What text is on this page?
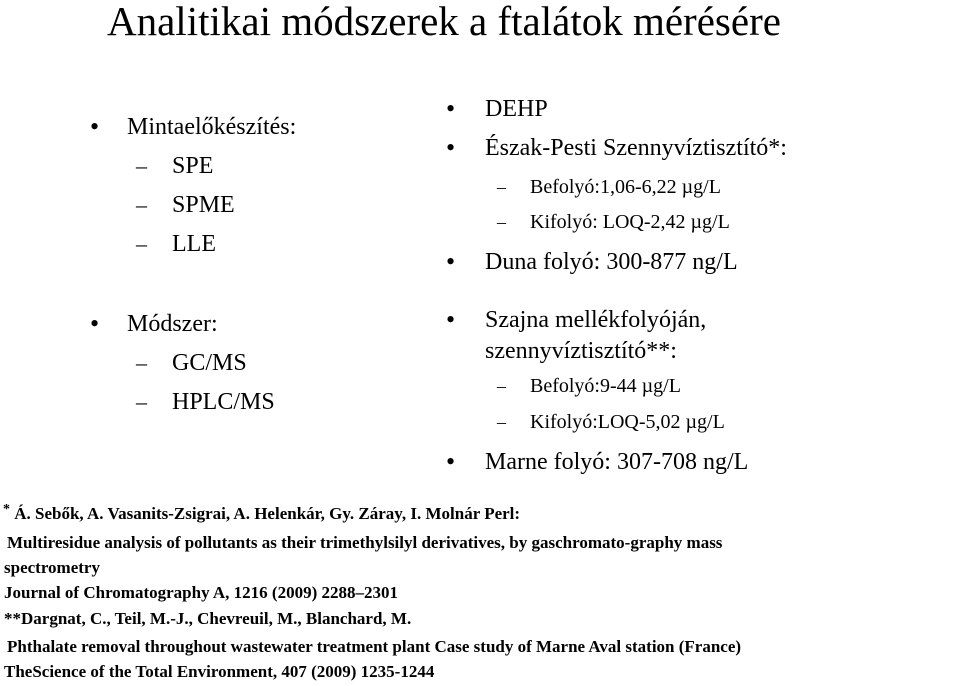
Analitikai módszerek a ftalátok mérésére
• Mintaelőkészítés:
– SPE
– SPME
– LLE
• Módszer:
– GC/MS
– HPLC/MS
• DEHP
• Észak-Pesti Szennyvíztisztító*:
– Befolyó:1,06-6,22 µg/L
– Kifolyó: LOQ-2,42 µg/L
• Duna folyó: 300-877 ng/L
• Szajna mellékfolyóján,
szennyvíztisztító**:
– Befolyó:9-44 µg/L
– Kifolyó:LOQ-5,02 µg/L
• Marne folyó: 307-708 ng/L
* Á. Sebők, A. Vasanits-Zsigrai, A. Helenkár, Gy. Záray, I. Molnár Perl:
Multiresidue analysis of pollutants as their trimethylsilyl derivatives, by gaschromato-graphy mass
spectrometry
Journal of Chromatography A, 1216 (2009) 2288–2301
**Dargnat, C., Teil, M.-J., Chevreuil, M., Blanchard, M.
Phthalate removal throughout wastewater treatment plant Case study of Marne Aval station (France)
TheScience of the Total Environment, 407 (2009) 1235-1244
